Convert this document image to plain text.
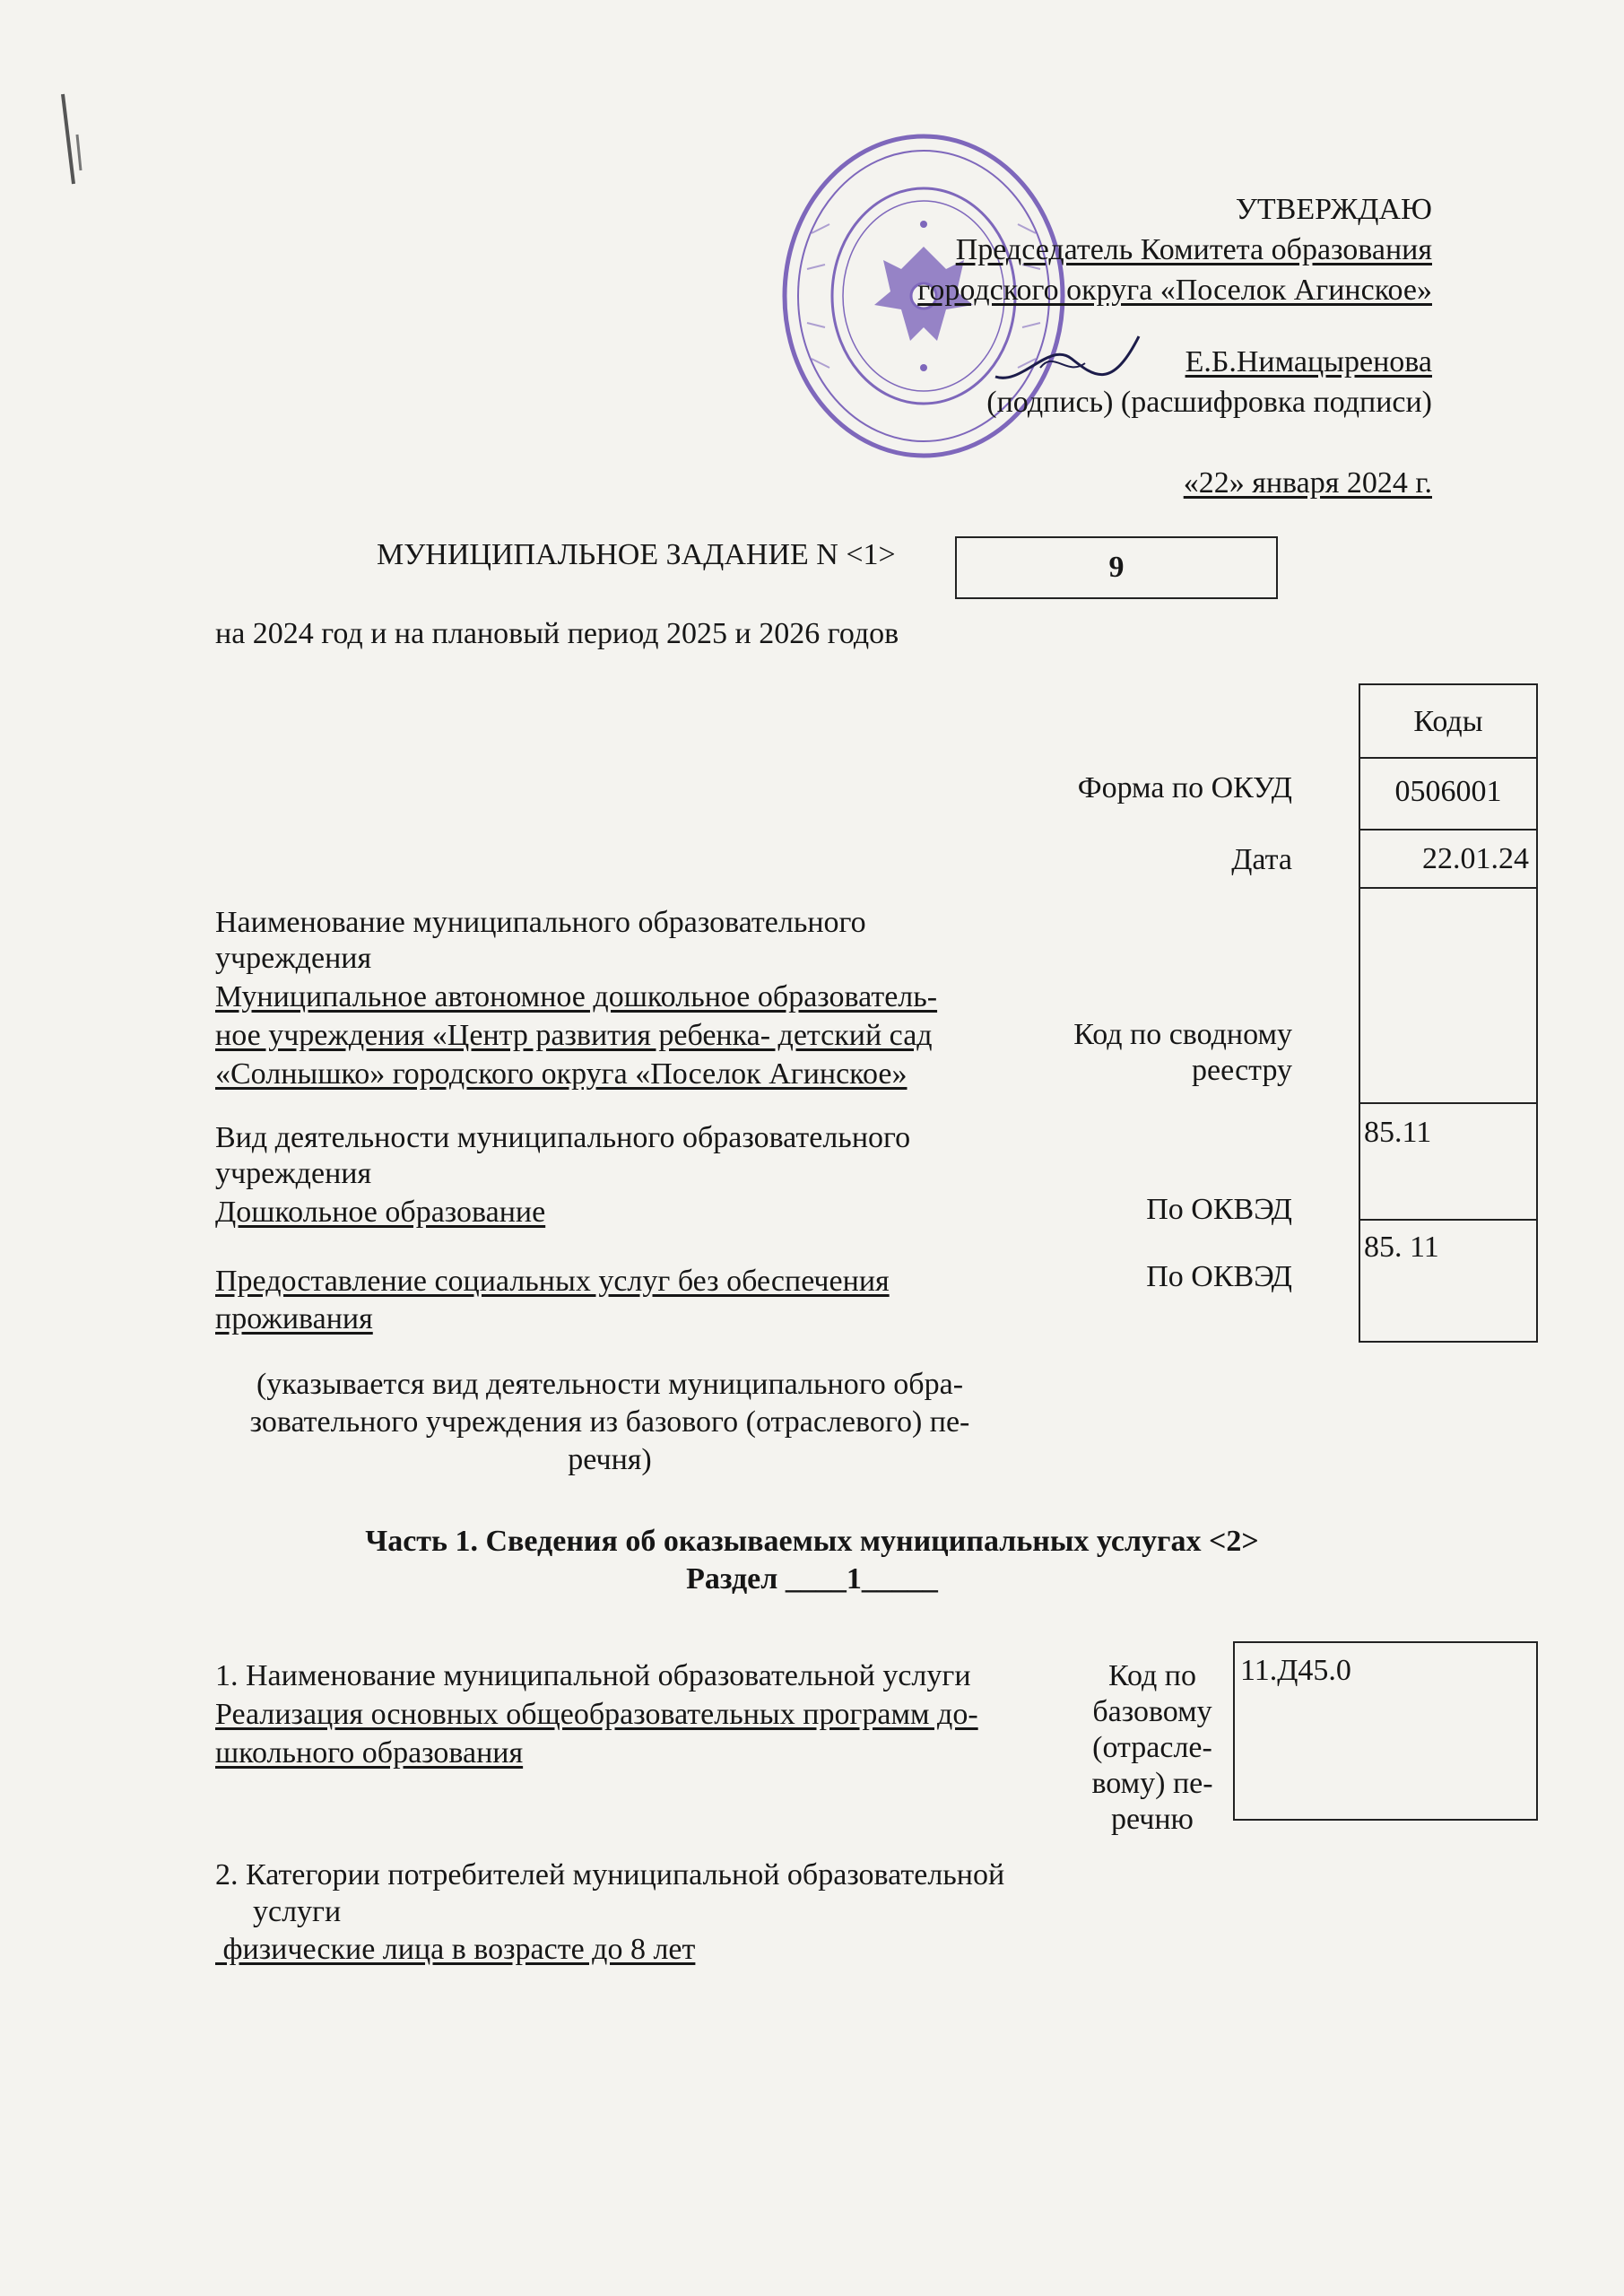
УТВЕРЖДАЮ
Председатель Комитета образования
городского округа «Поселок Агинское»
Е.Б.Нимацыренова
(подпись) (расшифровка подписи)
«22» января 2024 г.
МУНИЦИПАЛЬНОЕ ЗАДАНИЕ N <1>	9
на 2024 год и на плановый период 2025 и 2026 годов
Коды
0506001
22.01.24
85.11
85. 11
Форма по ОКУД
Дата
Код по сводному
реестру
По ОКВЭД
По ОКВЭД
Наименование муниципального образовательного
учреждения
Муниципальное автономное дошкольное образователь-
ное учреждения «Центр развития ребенка- детский сад
«Солнышко» городского округа «Поселок Агинское»
Вид деятельности муниципального образовательного
учреждения
Дошкольное образование
Предоставление социальных услуг без обеспечения
проживания
(указывается вид деятельности муниципального обра-
зовательного учреждения из базового (отраслевого) пе-
речня)
Часть 1. Сведения об оказываемых муниципальных услугах <2>
Раздел ____1_____
1. Наименование муниципальной образовательной услуги
Реализация основных общеобразовательных программ до-
школьного образования
Код по
базовому
(отрасле-
вому) пе-
речню
11.Д45.0
2. Категории потребителей муниципальной образовательной
услуги
физические лица в возрасте до 8 лет
